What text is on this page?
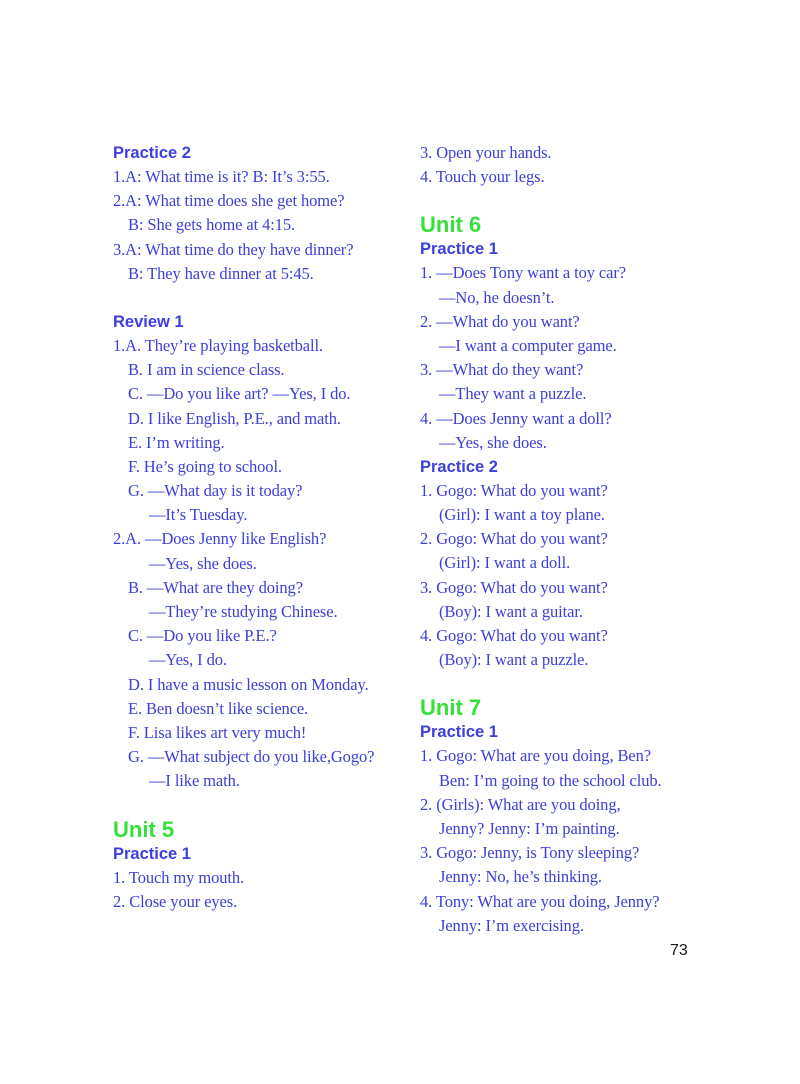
Practice 2
1.A: What time is it? B: It’s 3:55.
2.A: What time does she get home?
B: She gets home at 4:15.
3.A: What time do they have dinner?
B: They have dinner at 5:45.
Review 1
1.A. They’re playing basketball.
B. I am in science class.
C. —Do you like art? —Yes, I do.
D. I like English, P.E., and math.
E. I’m writing.
F. He’s going to school.
G. —What day is it today?
—It’s Tuesday.
2.A. —Does Jenny like English?
—Yes, she does.
B. —What are they doing?
—They’re studying Chinese.
C. —Do you like P.E.?
—Yes, I do.
D. I have a music lesson on Monday.
E. Ben doesn’t like science.
F. Lisa likes art very much!
G. —What subject do you like,Gogo?
—I like math.
Unit 5
Practice 1
1. Touch my mouth.
2. Close your eyes.
3. Open your hands.
4. Touch your legs.
Unit 6
Practice 1
1. —Does Tony want a toy car?
—No, he doesn’t.
2. —What do you want?
—I want a computer game.
3. —What do they want?
—They want a puzzle.
4. —Does Jenny want a doll?
—Yes, she does.
Practice 2
1. Gogo: What do you want?
(Girl): I want a toy plane.
2. Gogo: What do you want?
(Girl): I want a doll.
3. Gogo: What do you want?
(Boy): I want a guitar.
4. Gogo: What do you want?
(Boy): I want a puzzle.
Unit 7
Practice 1
1. Gogo: What are you doing, Ben?
Ben: I’m going to the school club.
2. (Girls): What are you doing,
Jenny? Jenny: I’m painting.
3. Gogo: Jenny, is Tony sleeping?
Jenny: No, he’s thinking.
4. Tony: What are you doing, Jenny?
Jenny: I’m exercising.
73
